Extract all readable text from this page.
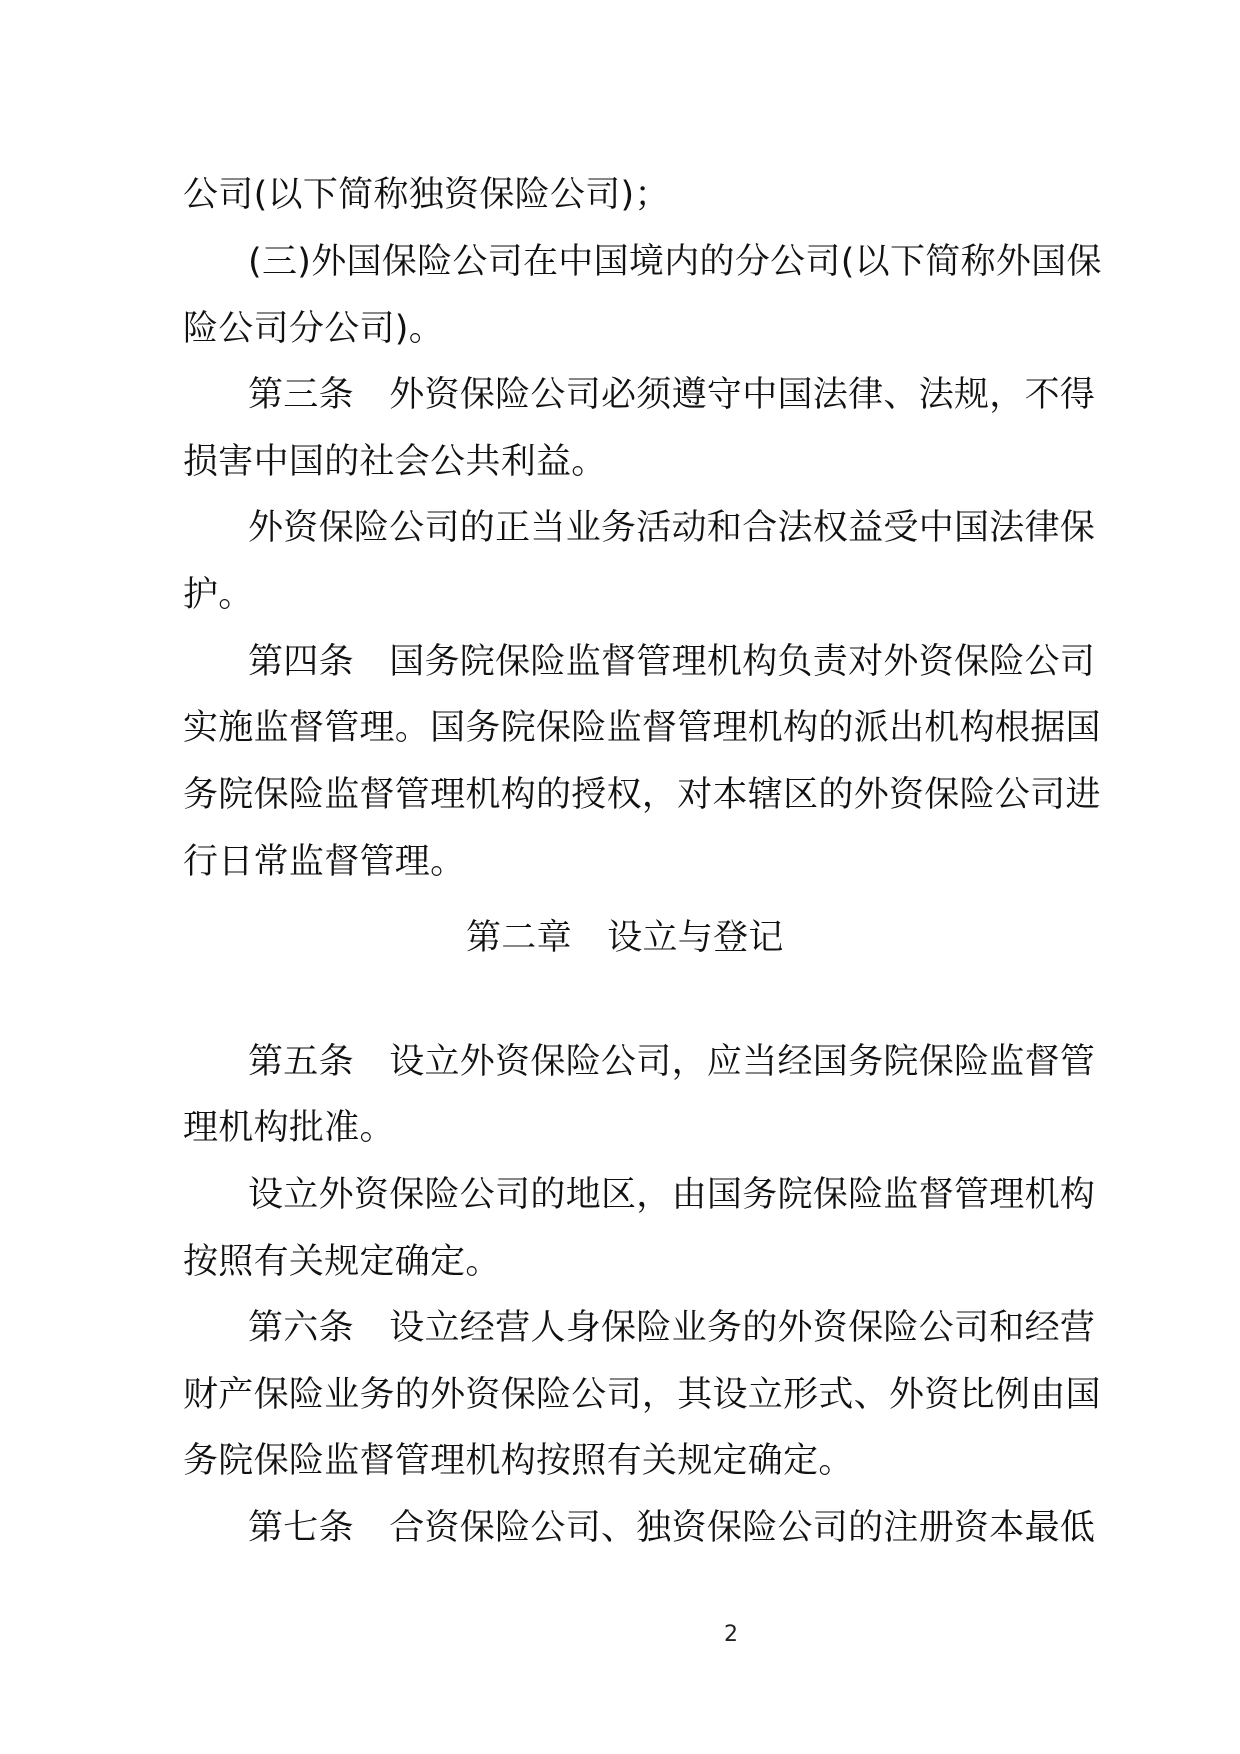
公司(以下简称独资保险公司)；
(三)外国保险公司在中国境内的分公司(以下简称外国保
险公司分公司)。
第三条　外资保险公司必须遵守中国法律、法规，不得
损害中国的社会公共利益。
外资保险公司的正当业务活动和合法权益受中国法律保
护。
第四条　国务院保险监督管理机构负责对外资保险公司
实施监督管理。国务院保险监督管理机构的派出机构根据国
务院保险监督管理机构的授权，对本辖区的外资保险公司进
行日常监督管理。
第二章　设立与登记
第五条　设立外资保险公司，应当经国务院保险监督管
理机构批准。
设立外资保险公司的地区，由国务院保险监督管理机构
按照有关规定确定。
第六条　设立经营人身保险业务的外资保险公司和经营
财产保险业务的外资保险公司，其设立形式、外资比例由国
务院保险监督管理机构按照有关规定确定。
第七条　合资保险公司、独资保险公司的注册资本最低
2
